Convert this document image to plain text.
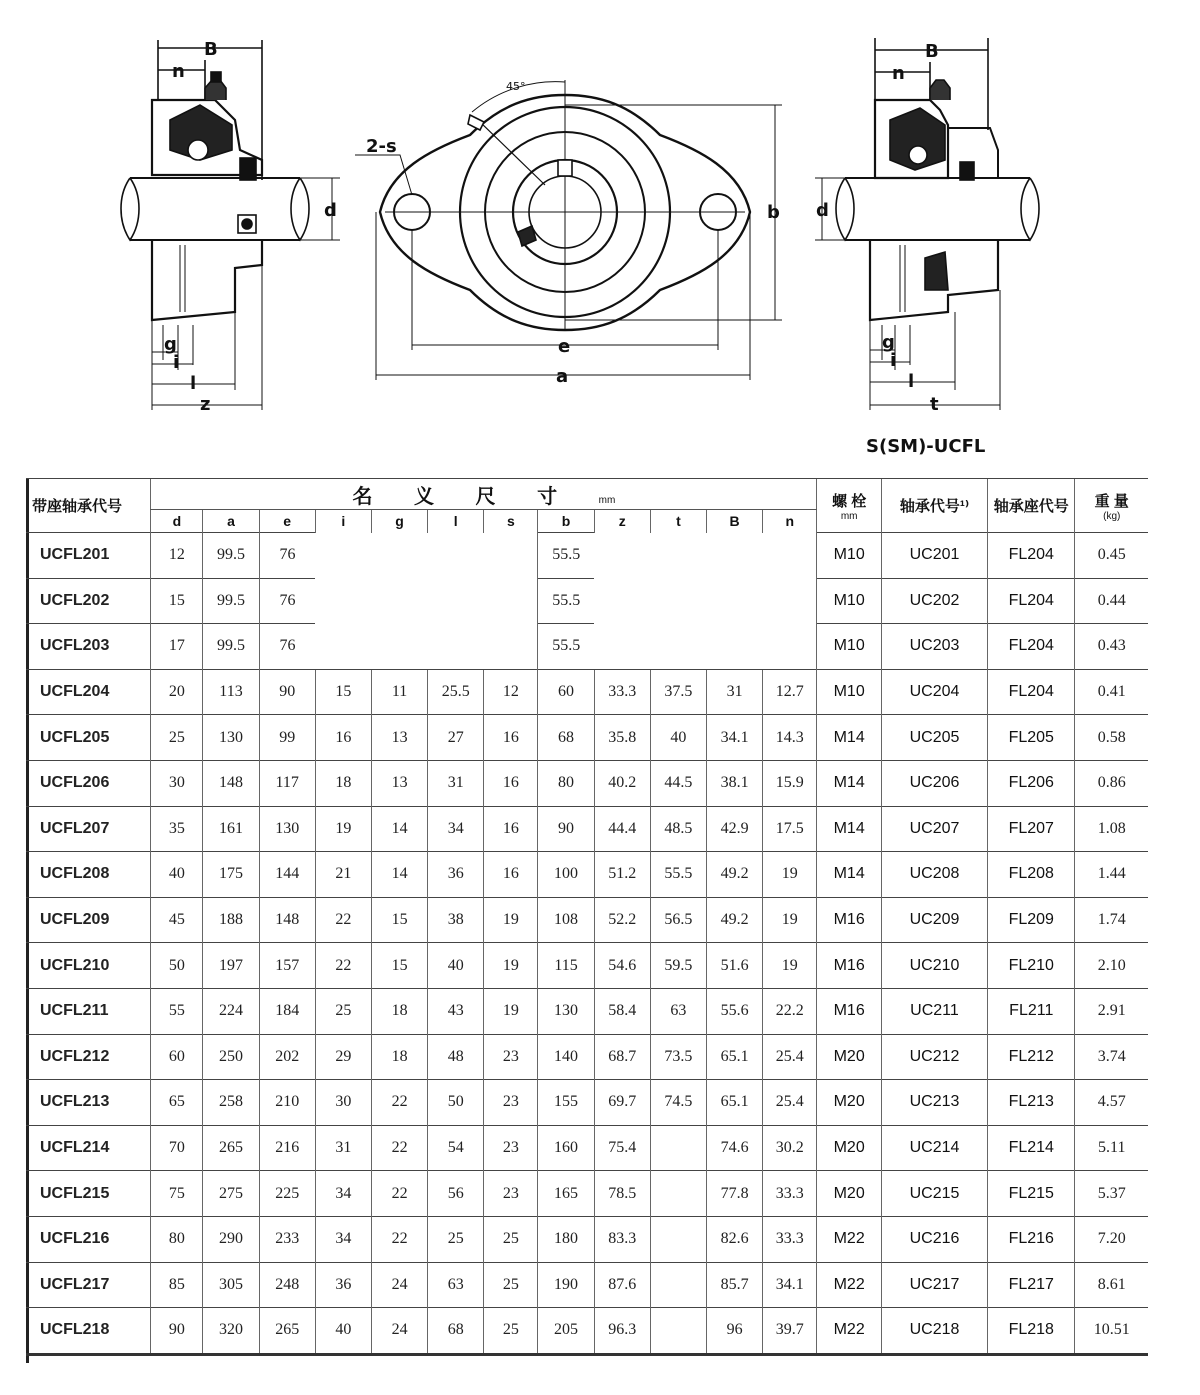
B
n
d
g
i
l
z
45°
2-s
b
e
a
B
n
d
g
i
l
t
S(SM)-UCFL
带座轴承代号	名 义 尺 寸 mm												螺 栓
mm	轴承代号¹⁾	轴承座代号	重 量
(kg)

	d	a	e	i	g	l	s	b	z	t	B	n				
UCFL201	12	99.5	76					55.5					M10	UC201	FL204	0.45
UCFL202	15	99.5	76					55.5					M10	UC202	FL204	0.44
UCFL203	17	99.5	76					55.5					M10	UC203	FL204	0.43
UCFL204	20	113	90	15	11	25.5	12	60	33.3	37.5	31	12.7	M10	UC204	FL204	0.41
UCFL205	25	130	99	16	13	27	16	68	35.8	40	34.1	14.3	M14	UC205	FL205	0.58
UCFL206	30	148	117	18	13	31	16	80	40.2	44.5	38.1	15.9	M14	UC206	FL206	0.86
UCFL207	35	161	130	19	14	34	16	90	44.4	48.5	42.9	17.5	M14	UC207	FL207	1.08
UCFL208	40	175	144	21	14	36	16	100	51.2	55.5	49.2	19	M14	UC208	FL208	1.44
UCFL209	45	188	148	22	15	38	19	108	52.2	56.5	49.2	19	M16	UC209	FL209	1.74
UCFL210	50	197	157	22	15	40	19	115	54.6	59.5	51.6	19	M16	UC210	FL210	2.10
UCFL211	55	224	184	25	18	43	19	130	58.4	63	55.6	22.2	M16	UC211	FL211	2.91
UCFL212	60	250	202	29	18	48	23	140	68.7	73.5	65.1	25.4	M20	UC212	FL212	3.74
UCFL213	65	258	210	30	22	50	23	155	69.7	74.5	65.1	25.4	M20	UC213	FL213	4.57
UCFL214	70	265	216	31	22	54	23	160	75.4		74.6	30.2	M20	UC214	FL214	5.11
UCFL215	75	275	225	34	22	56	23	165	78.5		77.8	33.3	M20	UC215	FL215	5.37
UCFL216	80	290	233	34	22	25	25	180	83.3		82.6	33.3	M22	UC216	FL216	7.20
UCFL217	85	305	248	36	24	63	25	190	87.6		85.7	34.1	M22	UC217	FL217	8.61
UCFL218	90	320	265	40	24	68	25	205	96.3		96	39.7	M22	UC218	FL218	10.51
